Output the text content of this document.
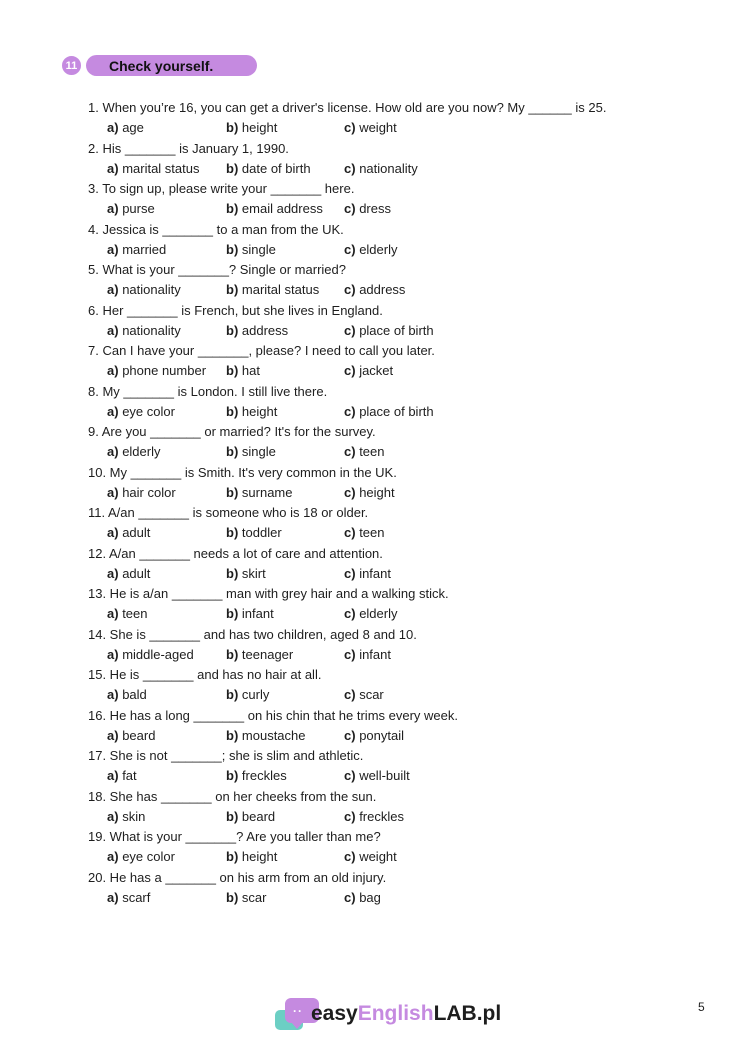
11	Check yourself.
1. When you’re 16, you can get a driver's license. How old are you now? My ______ is 25.
a) age	b) height	c) weight
2. His _______ is January 1, 1990.
a) marital status b) date of birth	c) nationality
3. To sign up, please write your _______ here.
a) purse	b) email address c) dress
4. Jessica is _______ to a man from the UK.
a) married	b) single	c) elderly
5. What is your _______? Single or married?
a) nationality	b) marital status c) address
6. Her _______ is French, but she lives in England.
a) nationality	b) address	c) place of birth
7. Can I have your _______, please? I need to call you later.
a) phone number b) hat	c) jacket
8. My _______ is London. I still live there.
a) eye color	b) height	c) place of birth
9. Are you _______ or married? It's for the survey.
a) elderly	b) single	c) teen
10. My _______ is Smith. It's very common in the UK.
a) hair color	b) surname	c) height
11. A/an _______ is someone who is 18 or older.
a) adult	b) toddler	c) teen
12. A/an _______ needs a lot of care and attention.
a) adult	b) skirt	c) infant
13. He is a/an _______ man with grey hair and a walking stick.
a) teen	b) infant	c) elderly
14. She is _______ and has two children, aged 8 and 10.
a) middle-aged b) teenager	c) infant
15. He is _______ and has no hair at all.
a) bald	b) curly	c) scar
16. He has a long _______ on his chin that he trims every week.
a) beard	b) moustache	c) ponytail
17. She is not _______; she is slim and athletic.
a) fat	b) freckles	c) well-built
18. She has _______ on her cheeks from the sun.
a) skin	b) beard	c) freckles
19. What is your _______? Are you taller than me?
a) eye color	b) height	c) weight
20. He has a _______ on his arm from an old injury.
a) scarf	b) scar	c) bag
·· easyEnglishLAB.pl	5
